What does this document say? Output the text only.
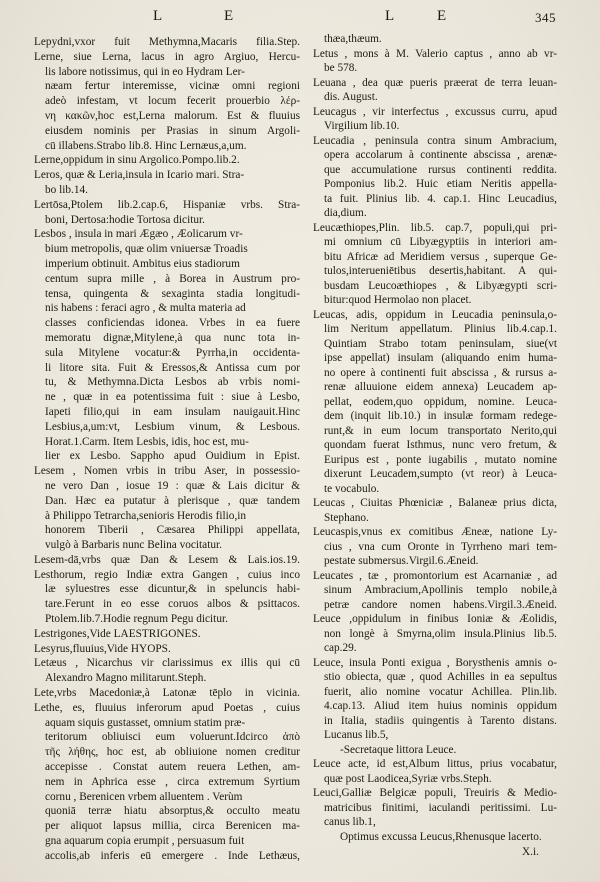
L	E	L	E	345
Lepydni,vxor fuit Methymna,Macaris filia.Step.
Lerne, siue Lerna, lacus in agro Argiuo, Hercu-
lis labore notissimus, qui in eo Hydram Ler-
næam fertur interemisse, vicinæ omni regioni
adeò infestam, vt locum fecerit prouerbio λέρ-
νη κακῶν,hoc est,Lerna malorum. Est & fluuius
eiusdem nominis per Prasias in sinum Argoli-
cū illabens.Strabo lib.8. Hinc Lernæus,a,um.
Lerne,oppidum in sinu Argolico.Pompo.lib.2.
Leros, quæ & Leria,insula in Icario mari. Stra-
bo lib.14.
Lertōsa,Ptolem lib.2.cap.6, Hispaniæ vrbs. Stra-
boni, Dertosa:hodie Tortosa dicitur.
Lesbos , insula in mari Ægæo , Æolicarum vr-
bium metropolis, quæ olim vniuersæ Troadis
imperium obtinuit. Ambitus eius stadiorum
centum supra mille , à Borea in Austrum pro-
tensa, quingenta & sexaginta stadia longitudi-
nis habens : feraci agro , & multa materia ad
classes conficiendas idonea. Vrbes in ea fuere
memoratu dignæ,Mitylene,à qua nunc tota in-
sula Mitylene vocatur:& Pyrrha,in occidenta-
li litore sita. Fuit & Eressos,& Antissa cum por
tu, & Methymna.Dicta Lesbos ab vrbis nomi-
ne , quæ in ea potentissima fuit : siue à Lesbo,
Iapeti filio,qui in eam insulam nauigauit.Hinc
Lesbius,a,um:vt, Lesbium vinum, & Lesbous.
Horat.1.Carm. Item Lesbis, idis, hoc est, mu-
lier ex Lesbo. Sappho apud Ouidium in Epist.
Lesem , Nomen vrbis in tribu Aser, in possessio-
ne vero Dan , iosue 19 : quæ & Lais dicitur &
Dan. Hæc ea putatur à plerisque , quæ tandem
à Philippo Tetrarcha,senioris Herodis filio,in
honorem Tiberii , Cæsarea Philippi appellata,
vulgò à Barbaris nunc Belina vocitatur.
Lesem-dā,vrbs quæ Dan & Lesem & Lais.ios.19.
Lesthorum, regio Indiæ extra Gangen , cuius inco
læ syluestres esse dicuntur,& in speluncis habi-
tare.Ferunt in eo esse coruos albos & psittacos.
Ptolem.lib.7.Hodie regnum Pegu dicitur.
Lestrigones,Vide LAESTRIGONES.
Lesyrus,fluuius,Vide HYOPS.
Letæus , Nicarchus vir clarissimus ex illis qui cū
Alexandro Magno militarunt.Steph.
Lete,vrbs Macedoniæ,à Latonæ tēplo in vicinia.
Lethe, es, fluuius inferorum apud Poetas , cuius
aquam siquis gustasset, omnium statim præ-
teritorum obliuisci eum voluerunt.Idcirco ἀπὸ
τῆς λήθης, hoc est, ab obliuione nomen creditur
accepisse . Constat autem reuera Lethen, am-
nem in Aphrica esse , circa extremum Syrtium
cornu , Berenicen vrbem alluentem . Verùm
quoniā terræ hiatu absorptus,& occulto meatu
per aliquot lapsus millia, circa Berenicen ma-
gna aquarum copia erumpit , persuasum fuit
accolis,ab inferis eū emergere . Inde Lethæus,
thæa,thæum.
Letus , mons à M. Valerio captus , anno ab vr-
be 578.
Leuana , dea quæ pueris præerat de terra leuan-
dis. August.
Leucagus , vir interfectus , excussus curru, apud
Virgilium lib.10.
Leucadia , peninsula contra sinum Ambracium,
opera accolarum à continente abscissa , arenæ-
que accumulatione rursus continenti reddita.
Pomponius lib.2. Huic etiam Neritis appella-
ta fuit. Plinius lib. 4. cap.1. Hinc Leucadius,
dia,dium.
Leucæthiopes,Plin. lib.5. cap.7, populi,qui pri-
mi omnium cū Libyægyptiis in interiori am-
bitu Africæ ad Meridiem versus , superque Ge-
tulos,interueniētibus desertis,habitant. A qui-
busdam Leucoæthiopes , & Libyægypti scri-
bitur:quod Hermolao non placet.
Leucas, adis, oppidum in Leucadia peninsula,o-
lim Neritum appellatum. Plinius lib.4.cap.1.
Quintiam Strabo totam peninsulam, siue(vt
ipse appellat) insulam (aliquando enim huma-
no opere à continenti fuit abscissa , & rursus a-
renæ alluuione eidem annexa) Leucadem ap-
pellat, eodem,quo oppidum, nomine. Leuca-
dem (inquit lib.10.) in insulæ formam redege-
runt,& in eum locum transportato Nerito,qui
quondam fuerat Isthmus, nunc vero fretum, &
Euripus est , ponte iugabilis , mutato nomine
dixerunt Leucadem,sumpto (vt reor) à Leuca-
te vocabulo.
Leucas , Ciuitas Phœniciæ , Balaneæ prius dicta,
Stephano.
Leucaspis,vnus ex comitibus Æneæ, natione Ly-
cius , vna cum Oronte in Tyrrheno mari tem-
pestate submersus.Virgil.6.Æneid.
Leucates , tæ , promontorium est Acarnaniæ , ad
sinum Ambracium,Apollinis templo nobile,à
petræ candore nomen habens.Virgil.3.Æneid.
Leuce ,oppidulum in finibus Ioniæ & Æolidis,
non longè à Smyrna,olim insula.Plinius lib.5.
cap.29.
Leuce, insula Ponti exigua , Borysthenis amnis o-
stio obiecta, quæ , quod Achilles in ea sepultus
fuerit, alio nomine vocatur Achillea. Plin.lib.
4.cap.13. Aliud item huius nominis oppidum
in Italia, stadiis quingentis à Tarento distans.
Lucanus lib.5,
-Secretaque littora Leuce.
Leuce acte, id est,Album littus, prius vocabatur,
quæ post Laodicea,Syriæ vrbs.Steph.
Leuci,Galliæ Belgicæ populi, Treuiris & Medio-
matricibus finitimi, iaculandi peritissimi. Lu-
canus lib.1,
Optimus excussa Leucus,Rhenusque lacerto.
X.i.
